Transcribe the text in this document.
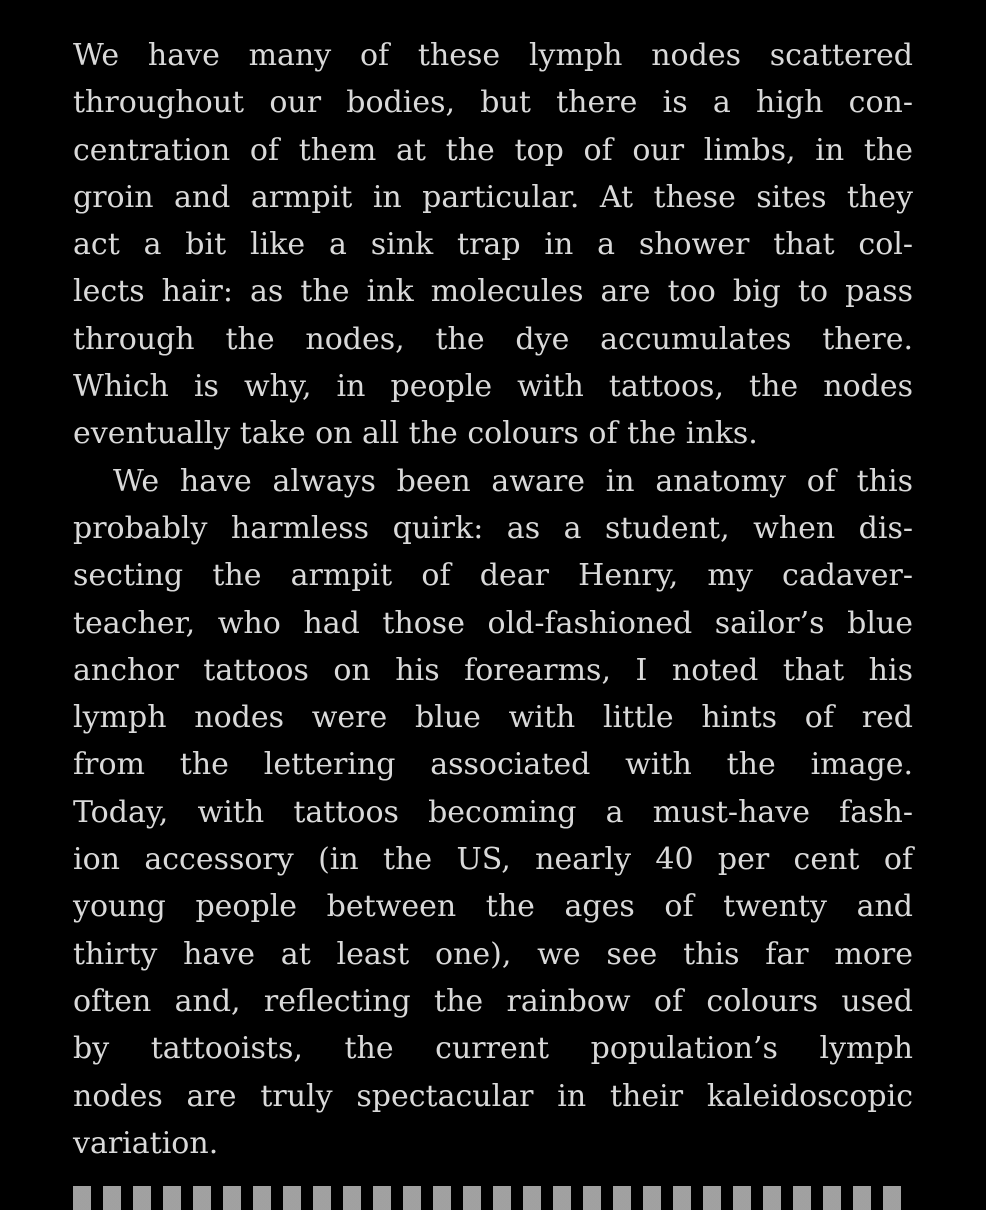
We have many of these lymph nodes scattered
throughout our bodies, but there is a high con-
centration of them at the top of our limbs, in the
groin and armpit in particular. At these sites they
act a bit like a sink trap in a shower that col-
lects hair: as the ink molecules are too big to pass
through the nodes, the dye accumulates there.
Which is why, in people with tattoos, the nodes
eventually take on all the colours of the inks.
We have always been aware in anatomy of this
probably harmless quirk: as a student, when dis-
secting the armpit of dear Henry, my cadaver-
teacher, who had those old-fashioned sailor’s blue
anchor tattoos on his forearms, I noted that his
lymph nodes were blue with little hints of red
from the lettering associated with the image.
Today, with tattoos becoming a must-have fash-
ion accessory (in the US, nearly 40 per cent of
young people between the ages of twenty and
thirty have at least one), we see this far more
often and, reflecting the rainbow of colours used
by tattooists, the current population’s lymph
nodes are truly spectacular in their kaleidoscopic
variation.
